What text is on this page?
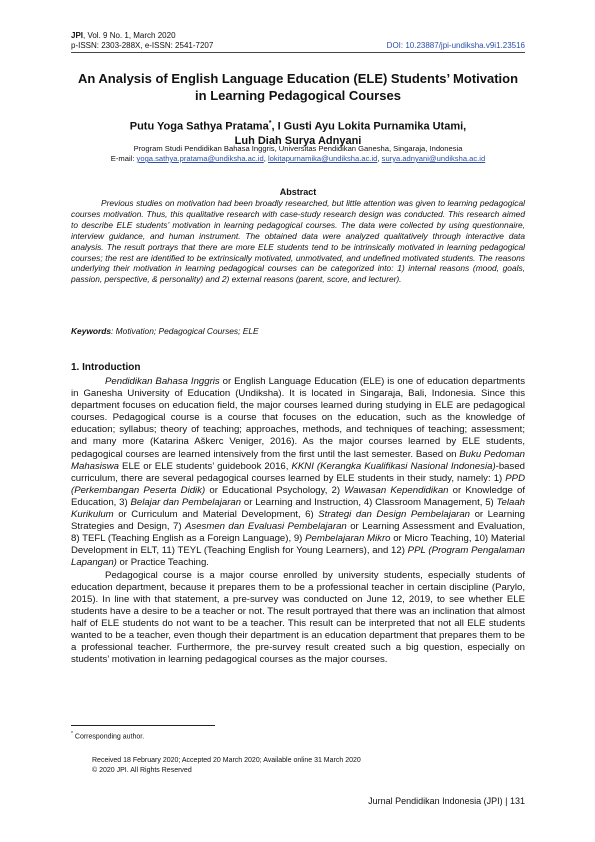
JPI, Vol. 9 No. 1, March 2020
p-ISSN: 2303-288X, e-ISSN: 2541-7207	DOI: 10.23887/jpi-undiksha.v9i1.23516
An Analysis of English Language Education (ELE) Students’ Motivation in Learning Pedagogical Courses
Putu Yoga Sathya Pratama*, I Gusti Ayu Lokita Purnamika Utami,
Luh Diah Surya Adnyani
Program Studi Pendidikan Bahasa Inggris, Universitas Pendidikan Ganesha, Singaraja, Indonesia
E-mail: yoga.sathya.pratama@undiksha.ac.id, lokitapurnamika@undiksha.ac.id, surya.adnyani@undiksha.ac.id
Abstract
Previous studies on motivation had been broadly researched, but little attention was given to learning pedagogical courses motivation. Thus, this qualitative research with case-study research design was conducted. This research aimed to describe ELE students’ motivation in learning pedagogical courses. The data were collected by using questionnaire, interview guidance, and human instrument. The obtained data were analyzed qualitatively through interactive data analysis. The result portrays that there are more ELE students tend to be intrinsically motivated in learning pedagogical courses; the rest are identified to be extrinsically motivated, unmotivated, and undefined motivated students. The reasons underlying their motivation in learning pedagogical courses can be categorized into: 1) internal reasons (mood, goals, passion, perspective, & personality) and 2) external reasons (parent, score, and lecturer).
Keywords: Motivation; Pedagogical Courses; ELE
1. Introduction

Pendidikan Bahasa Inggris or English Language Education (ELE) is one of education departments in Ganesha University of Education (Undiksha). It is located in Singaraja, Bali, Indonesia. Since this department focuses on education field, the major courses learned during studying in ELE are pedagogical courses. Pedagogical course is a course that focuses on the education, such as the knowledge of education; syllabus; theory of teaching; approaches, methods, and techniques of teaching; assessment; and many more (Katarina Aškerc Veniger, 2016). As the major courses learned by ELE students, pedagogical courses are learned intensively from the first until the last semester. Based on Buku Pedoman Mahasiswa ELE or ELE students’ guidebook 2016, KKNI (Kerangka Kualifikasi Nasional Indonesia)-based curriculum, there are several pedagogical courses learned by ELE students in their study, namely: 1) PPD (Perkembangan Peserta Didik) or Educational Psychology, 2) Wawasan Kependidikan or Knowledge of Education, 3) Belajar dan Pembelajaran or Learning and Instruction, 4) Classroom Management, 5) Telaah Kurikulum or Curriculum and Material Development, 6) Strategi dan Design Pembelajaran or Learning Strategies and Design, 7) Asesmen dan Evaluasi Pembelajaran or Learning Assessment and Evaluation, 8) TEFL (Teaching English as a Foreign Language), 9) Pembelajaran Mikro or Micro Teaching, 10) Material Development in ELT, 11) TEYL (Teaching English for Young Learners), and 12) PPL (Program Pengalaman Lapangan) or Practice Teaching.

Pedagogical course is a major course enrolled by university students, especially students of education department, because it prepares them to be a professional teacher in certain discipline (Parylo, 2015). In line with that statement, a pre-survey was conducted on June 12, 2019, to see whether ELE students have a desire to be a teacher or not. The result portrayed that there was an inclination that almost half of ELE students do not want to be a teacher. This result can be interpreted that not all ELE students wanted to be a teacher, even though their department is an education department that prepares them to be a professional teacher. Furthermore, the pre-survey result created such a big question, especially on students’ motivation in learning pedagogical courses as the major courses.

* Corresponding author.
Received 18 February 2020; Accepted 20 March 2020; Available online 31 March 2020
© 2020 JPI. All Rights Reserved
Jurnal Pendidikan Indonesia (JPI) | 131
